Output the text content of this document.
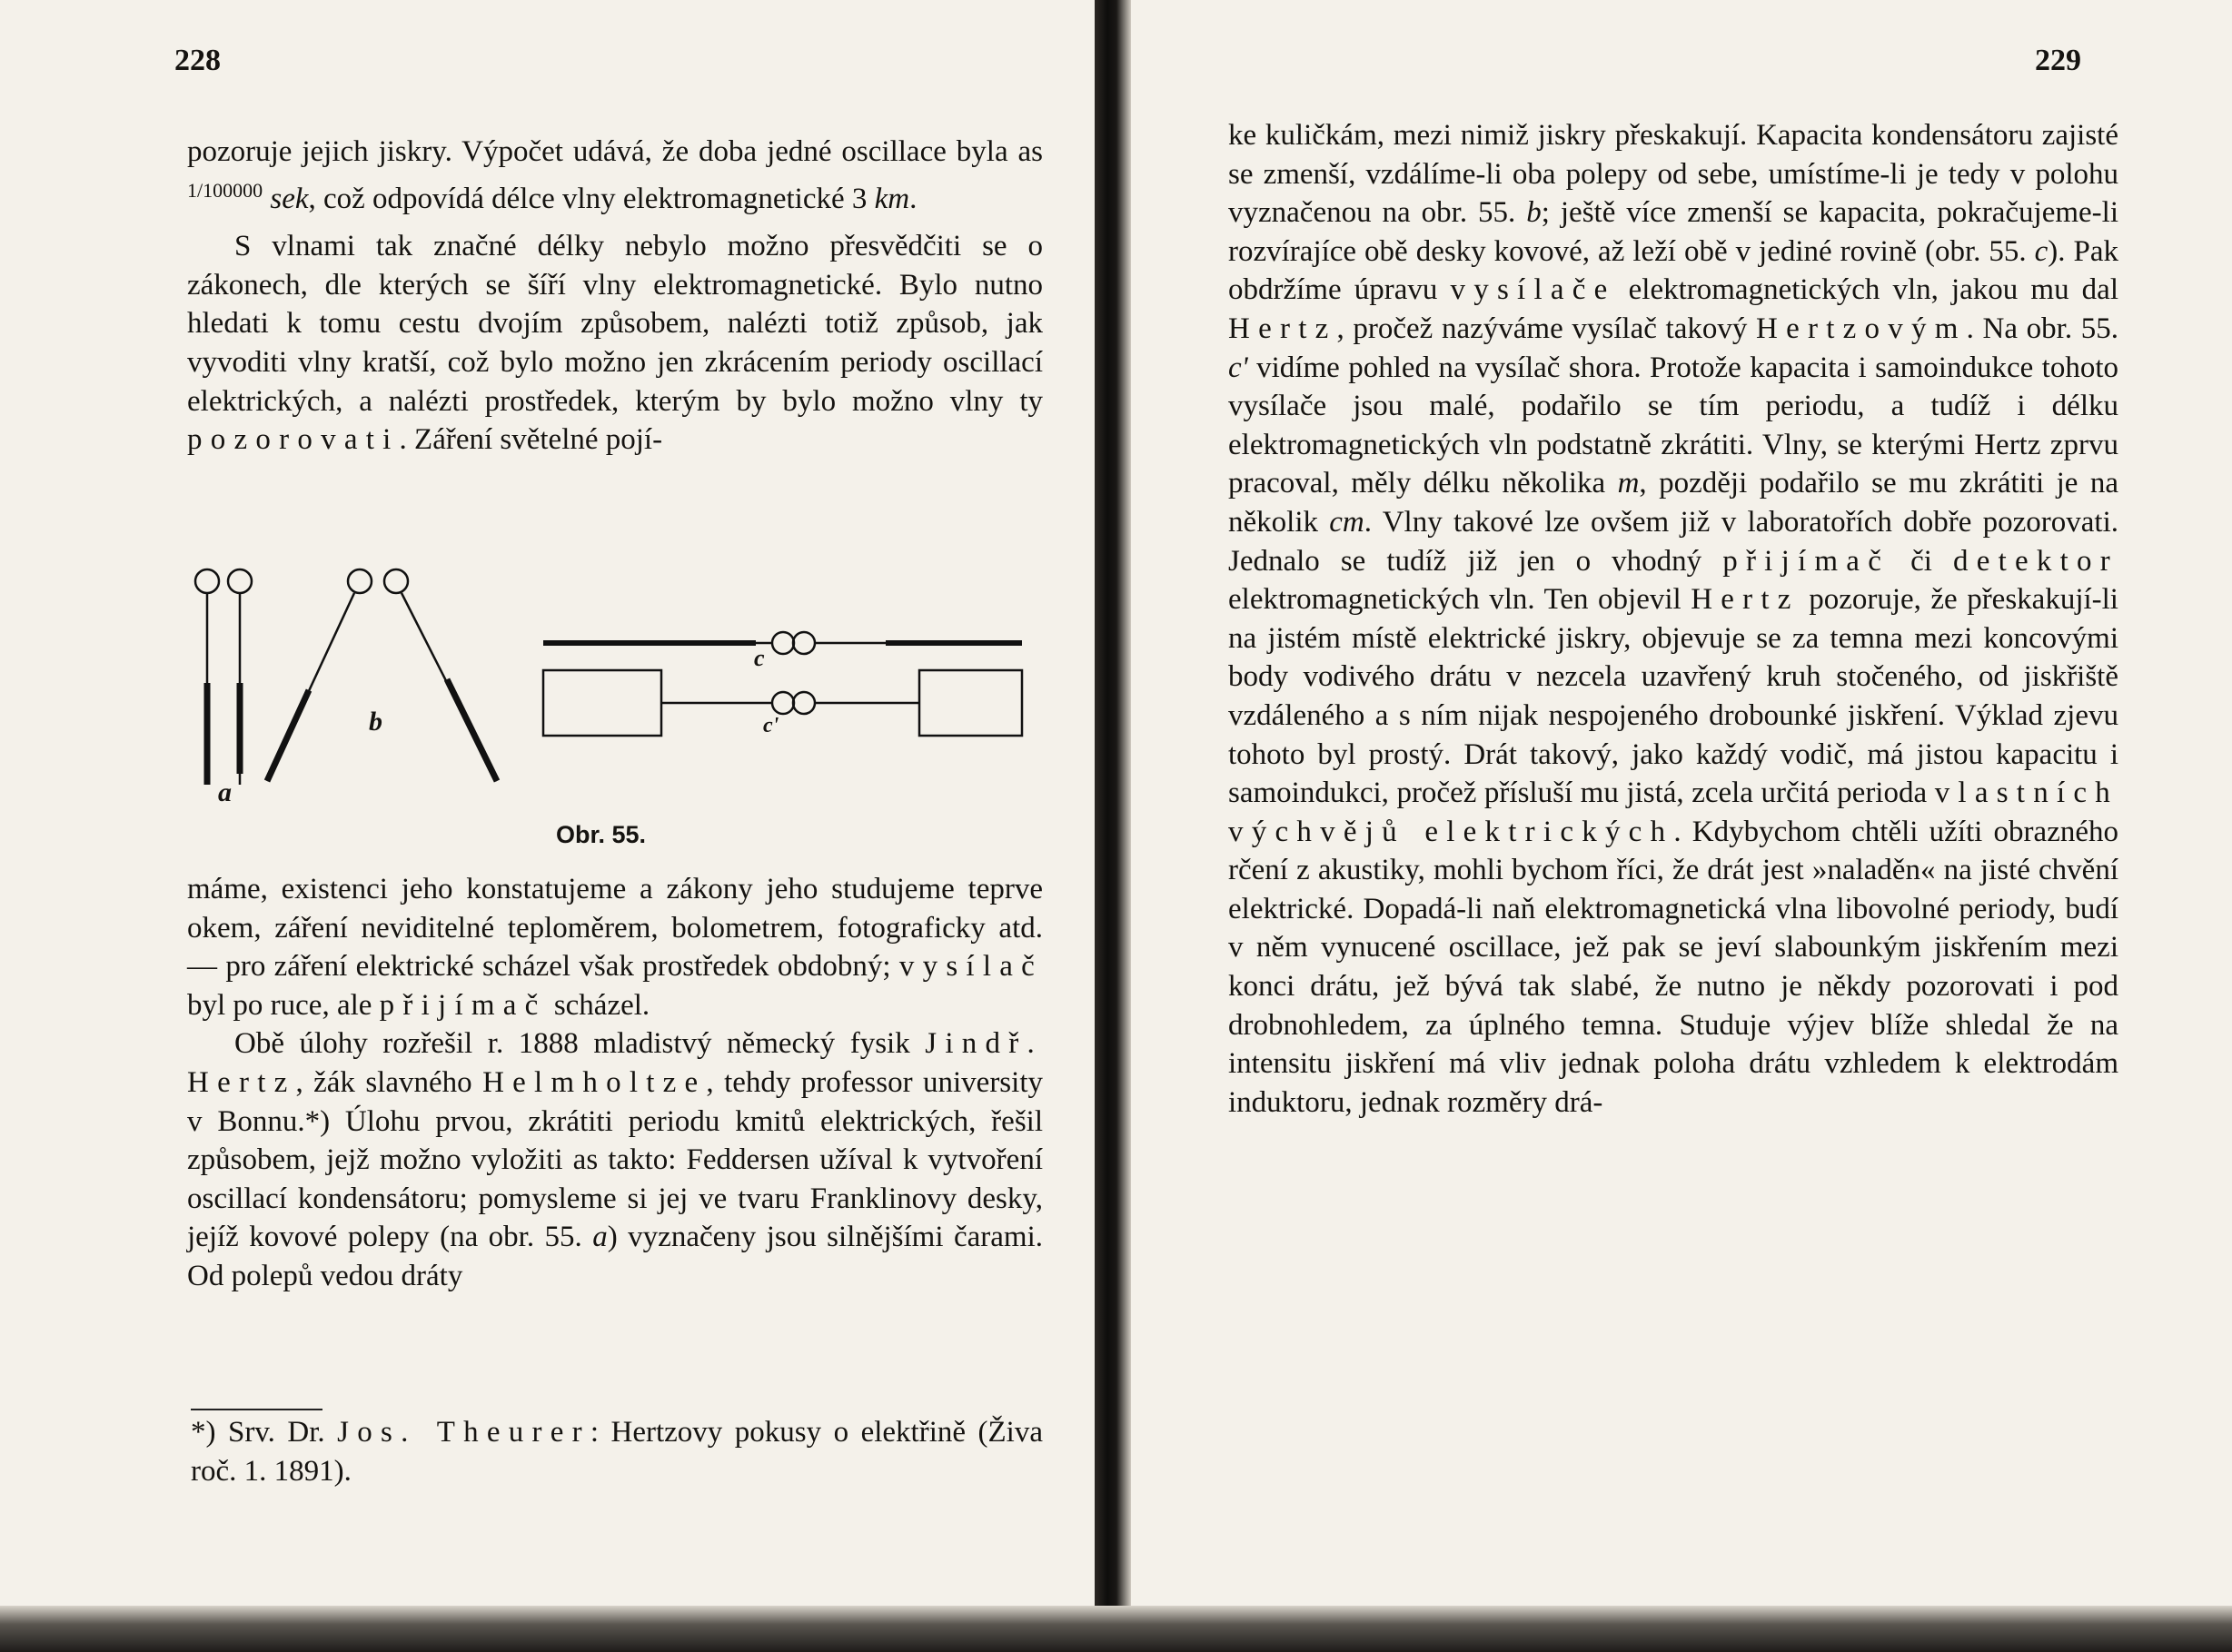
228

pozoruje jejich jiskry. Výpočet udává, že doba jedné oscillace byla as $^{1/100000}$ sek, což odpovídá délce vlny elektromagnetické 3 km.

S vlnami tak značné délky nebylo možno přesvědčiti se o zákonech, dle kterých se šíří vlny elektromagnetické. Bylo nutno hledati k tomu cestu dvojím způsobem, nalézti totiž způsob, jak vyvoditi vlny kratší, což bylo možno jen zkrácením periody oscillací elektrických, a nalézti prostředek, kterým by bylo možno vlny ty pozorovati. Záření světelné pojí-

a
b
c
c'
Obr. 55.

máme, existenci jeho konstatujeme a zákony jeho studujeme teprve okem, záření neviditelné teploměrem, bolometrem, fotograficky atd. — pro záření elektrické scházel však prostředek obdobný; vysílač byl po ruce, ale přijímač scházel.

Obě úlohy rozřešil r. 1888 mladistvý německý fysik Jindř. Hertz, žák slavného Helmholtze, tehdy professor university v Bonnu.*) Úlohu prvou, zkrátiti periodu kmitů elektrických, řešil způsobem, jejž možno vyložiti as takto: Feddersen užíval k vytvoření oscillací kondensátoru; pomysleme si jej ve tvaru Franklinovy desky, jejíž kovové polepy (na obr. 55. a) vyznačeny jsou silnějšími čarami. Od polepů vedou dráty

*) Srv. Dr. Jos. Theurer: Hertzovy pokusy o elektřině (Živa roč. 1. 1891).
229

ke kuličkám, mezi nimiž jiskry přeskakují. Kapacita kondensátoru zajisté se zmenší, vzdálíme-li oba polepy od sebe, umístíme-li je tedy v polohu vyznačenou na obr. 55. b; ještě více zmenší se kapacita, pokračujeme-li rozvírajíce obě desky kovové, až leží obě v jediné rovině (obr. 55. c). Pak obdržíme úpravu vysílače elektromagnetických vln, jakou mu dal Hertz, pročež nazýváme vysílač takový Hertzovým. Na obr. 55. c' vidíme pohled na vysílač shora. Protože kapacita i samoindukce tohoto vysílače jsou malé, podařilo se tím periodu, a tudíž i délku elektromagnetických vln podstatně zkrátiti. Vlny, se kterými Hertz zprvu pracoval, měly délku několika m, později podařilo se mu zkrátiti je na několik cm. Vlny takové lze ovšem již v laboratořích dobře pozorovati. Jednalo se tudíž již jen o vhodný přijímač či detektor elektromagnetických vln. Ten objevil Hertz pozoruje, že přeskakují-li na jistém místě elektrické jiskry, objevuje se za temna mezi koncovými body vodivého drátu v nezcela uzavřený kruh stočeného, od jiskřiště vzdáleného a s ním nijak nespojeného drobounké jiskření. Výklad zjevu tohoto byl prostý. Drát takový, jako každý vodič, má jistou kapacitu i samoindukci, pročež přísluší mu jistá, zcela určitá perioda vlastních výchvějů elektrických. Kdybychom chtěli užíti obrazného rčení z akustiky, mohli bychom říci, že drát jest »naladěn« na jisté chvění elektrické. Dopadá-li naň elektromagnetická vlna libovolné periody, budí v něm vynucené oscillace, jež pak se jeví slabounkým jiskřením mezi konci drátu, jež bývá tak slabé, že nutno je někdy pozorovati i pod drobnohledem, za úplného temna. Studuje výjev blíže shledal že na intensitu jiskření má vliv jednak poloha drátu vzhledem k elektrodám induktoru, jednak rozměry drá-
